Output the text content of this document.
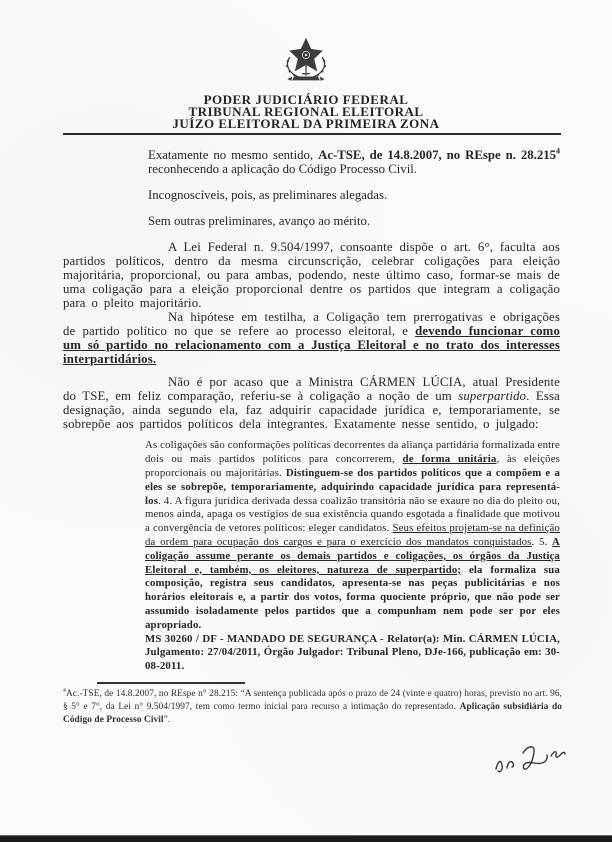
PODER JUDICIÁRIO FEDERAL
TRIBUNAL REGIONAL ELEITORAL
JUÍZO ELEITORAL DA PRIMEIRA ZONA

Exatamente no mesmo sentido, Ac-TSE, de 14.8.2007, no REspe n. 28.215$^4$ reconhecendo a aplicação do Código Processo Civil.

Incognoscíveis, pois, as preliminares alegadas.

Sem outras preliminares, avanço ao mérito.

A Lei Federal n. 9.504/1997, consoante dispõe o art. 6°, faculta aos partidos políticos, dentro da mesma circunscrição, celebrar coligações para eleição majoritária, proporcional, ou para ambas, podendo, neste último caso, formar-se mais de uma coligação para a eleição proporcional dentre os partidos que integram a coligação para o pleito majoritário.

Na hipótese em testilha, a Coligação tem prerrogativas e obrigações de partido político no que se refere ao processo eleitoral, e devendo funcionar como um só partido no relacionamento com a Justiça Eleitoral e no trato dos interesses interpartidários.

Não é por acaso que a Ministra CÁRMEN LÚCIA, atual Presidente do TSE, em feliz comparação, referiu-se à coligação a noção de um superpartido. Essa designação, ainda segundo ela, faz adquirir capacidade jurídica e, temporariamente, se sobrepõe aos partidos políticos dela integrantes. Exatamente nesse sentido, o julgado:

As coligações são conformações políticas decorrentes da aliança partidária formalizada entre dois ou mais partidos políticos para concorrerem, de forma unitária, às eleições proporcionais ou majoritárias. Distinguem-se dos partidos políticos que a compõem e a eles se sobrepõe, temporariamente, adquirindo capacidade jurídica para representá-los. 4. A figura jurídica derivada dessa coalizão transitória não se exaure no dia do pleito ou, menos ainda, apaga os vestígios de sua existência quando esgotada a finalidade que motivou a convergência de vetores políticos: eleger candidatos. Seus efeitos projetam-se na definição da ordem para ocupação dos cargos e para o exercício dos mandatos conquistados. 5. A coligação assume perante os demais partidos e coligações, os órgãos da Justiça Eleitoral e, também, os eleitores, natureza de superpartido; ela formaliza sua composição, registra seus candidatos, apresenta-se nas peças publicitárias e nos horários eleitorais e, a partir dos votos, forma quociente próprio, que não pode ser assumido isoladamente pelos partidos que a compunham nem pode ser por eles apropriado.

MS 30260 / DF - MANDADO DE SEGURANÇA - Relator(a): Min. CÁRMEN LÚCIA, Julgamento: 27/04/2011, Órgão Julgador: Tribunal Pleno, DJe-166, publicação em: 30-08-2011.

$^4$Ac.-TSE, de 14.8.2007, no REspe n° 28.215: “A sentença publicada após o prazo de 24 (vinte e quatro) horas, previsto no art. 96, § 5° e 7°, da Lei n° 9.504/1997, tem como termo inicial para recurso a intimação do representado. Aplicação subsidiária do Código de Processo Civil”.
